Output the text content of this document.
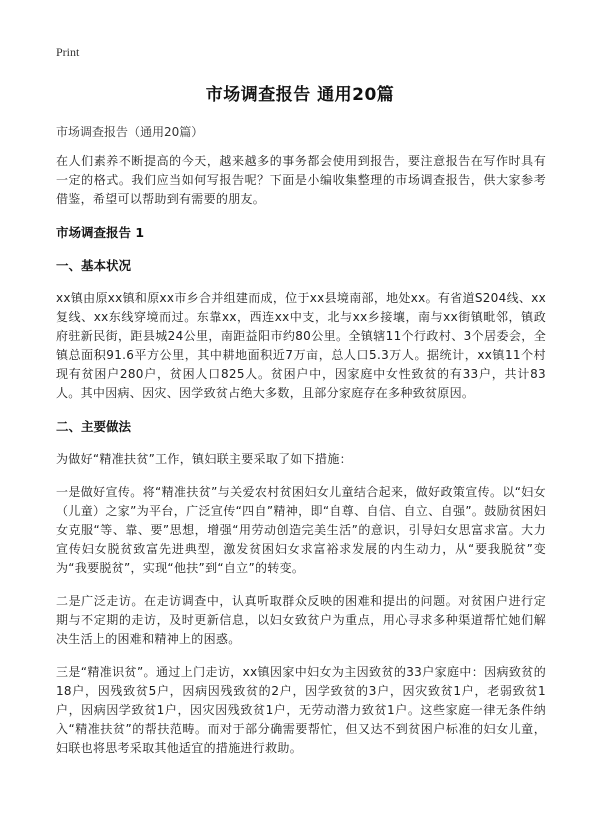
Print
市场调查报告 通用20篇
市场调查报告（通用20篇）

在人们素养不断提高的今天，越来越多的事务都会使用到报告，要注意报告在写作时具有一定的格式。我们应当如何写报告呢？下面是小编收集整理的市场调查报告，供大家参考借鉴，希望可以帮助到有需要的朋友。

市场调查报告 1
一、基本状况

xx镇由原xx镇和原xx市乡合并组建而成，位于xx县境南部，地处xx。有省道S204线、xx复线、xx东线穿境而过。东靠xx，西连xx中支，北与xx乡接壤，南与xx街镇毗邻，镇政府驻新民街，距县城24公里，南距益阳市约80公里。全镇辖11个行政村、3个居委会，全镇总面积91.6平方公里，其中耕地面积近7万亩，总人口5.3万人。据统计，xx镇11个村现有贫困户280户，贫困人口825人。贫困户中，因家庭中女性致贫的有33户，共计83人。其中因病、因灾、因学致贫占绝大多数，且部分家庭存在多种致贫原因。

二、主要做法

为做好“精准扶贫”工作，镇妇联主要采取了如下措施：

一是做好宣传。将“精准扶贫”与关爱农村贫困妇女儿童结合起来，做好政策宣传。以“妇女（儿童）之家”为平台，广泛宣传“四自”精神，即“自尊、自信、自立、自强”。鼓励贫困妇女克服“等、靠、要”思想，增强“用劳动创造完美生活”的意识，引导妇女思富求富。大力宣传妇女脱贫致富先进典型，激发贫困妇女求富裕求发展的内生动力，从“要我脱贫”变为“我要脱贫”，实现“他扶”到“自立”的转变。

二是广泛走访。在走访调查中，认真听取群众反映的困难和提出的问题。对贫困户进行定期与不定期的走访，及时更新信息，以妇女致贫户为重点，用心寻求多种渠道帮忙她们解决生活上的困难和精神上的困惑。

三是“精准识贫”。通过上门走访，xx镇因家中妇女为主因致贫的33户家庭中：因病致贫的18户，因残致贫5户，因病因残致贫的2户，因学致贫的3户，因灾致贫1户，老弱致贫1户，因病因学致贫1户，因灾因残致贫1户，无劳动潜力致贫1户。这些家庭一律无条件纳入“精准扶贫”的帮扶范畴。而对于部分确需要帮忙，但又达不到贫困户标准的妇女儿童，妇联也将思考采取其他适宜的措施进行救助。
